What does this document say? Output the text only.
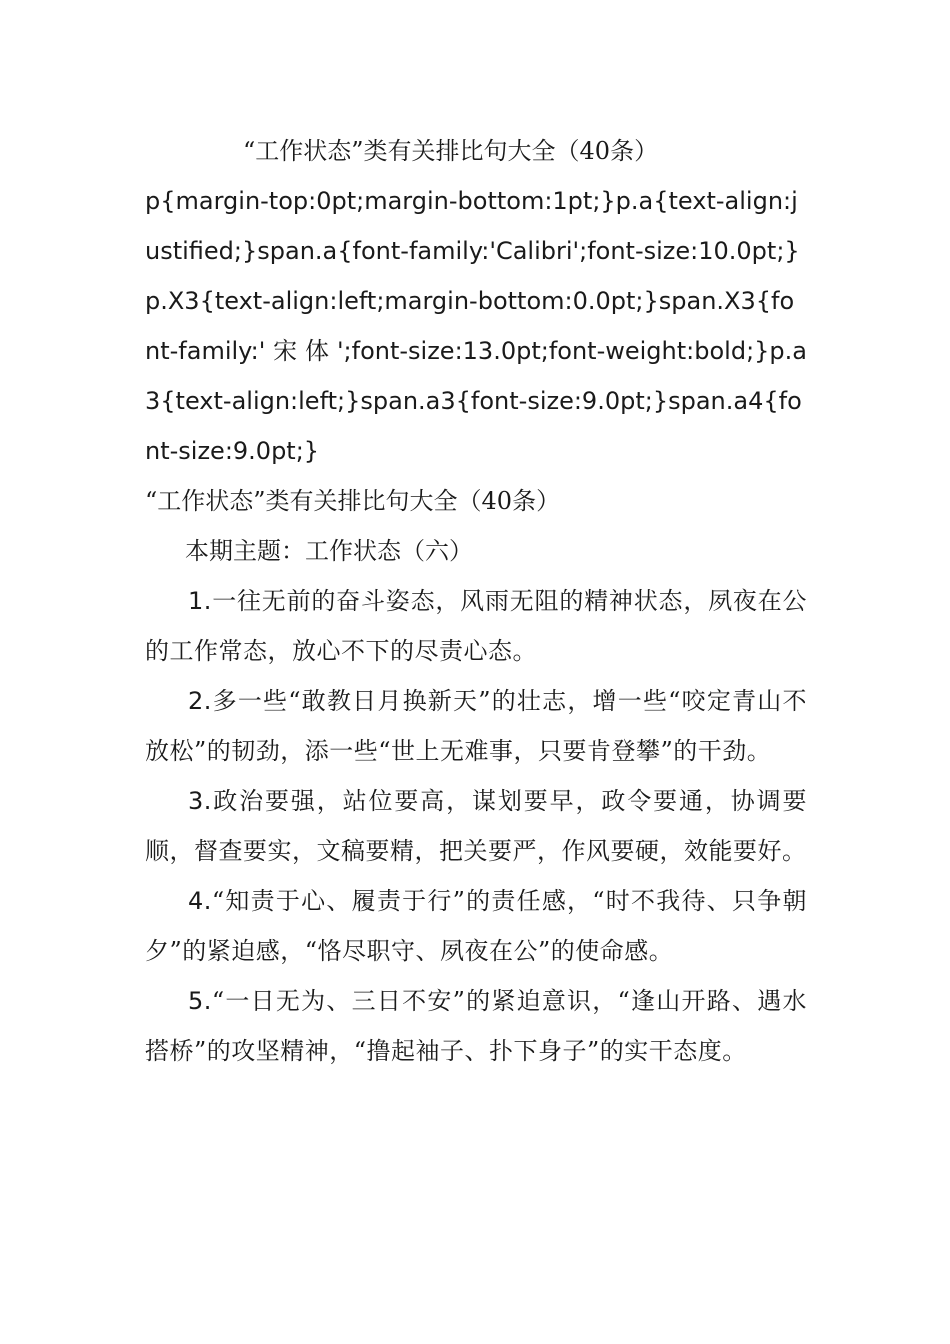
“工作状态”类有关排比句大全（40条）

p{margin-top:0pt;margin-bottom:1pt;}p.a{text-align:justified;}span.a{font-family:'Calibri';font-size:10.0pt;}p.X3{text-align:left;margin-bottom:0.0pt;}span.X3{font-family:' 宋 体 ';font-size:13.0pt;font-weight:bold;}p.a3{text-align:left;}span.a3{font-size:9.0pt;}span.a4{font-size:9.0pt;}

“工作状态”类有关排比句大全（40条）

本期主题：工作状态（六）

1.一往无前的奋斗姿态，风雨无阻的精神状态，夙夜在公的工作常态，放心不下的尽责心态。

2.多一些“敢教日月换新天”的壮志，增一些“咬定青山不放松”的韧劲，添一些“世上无难事，只要肯登攀”的干劲。

3.政治要强，站位要高，谋划要早，政令要通，协调要顺，督查要实，文稿要精，把关要严，作风要硬，效能要好。

4.“知责于心、履责于行”的责任感，“时不我待、只争朝夕”的紧迫感，“恪尽职守、夙夜在公”的使命感。

5.“一日无为、三日不安”的紧迫意识，“逢山开路、遇水搭桥”的攻坚精神，“撸起袖子、扑下身子”的实干态度。
